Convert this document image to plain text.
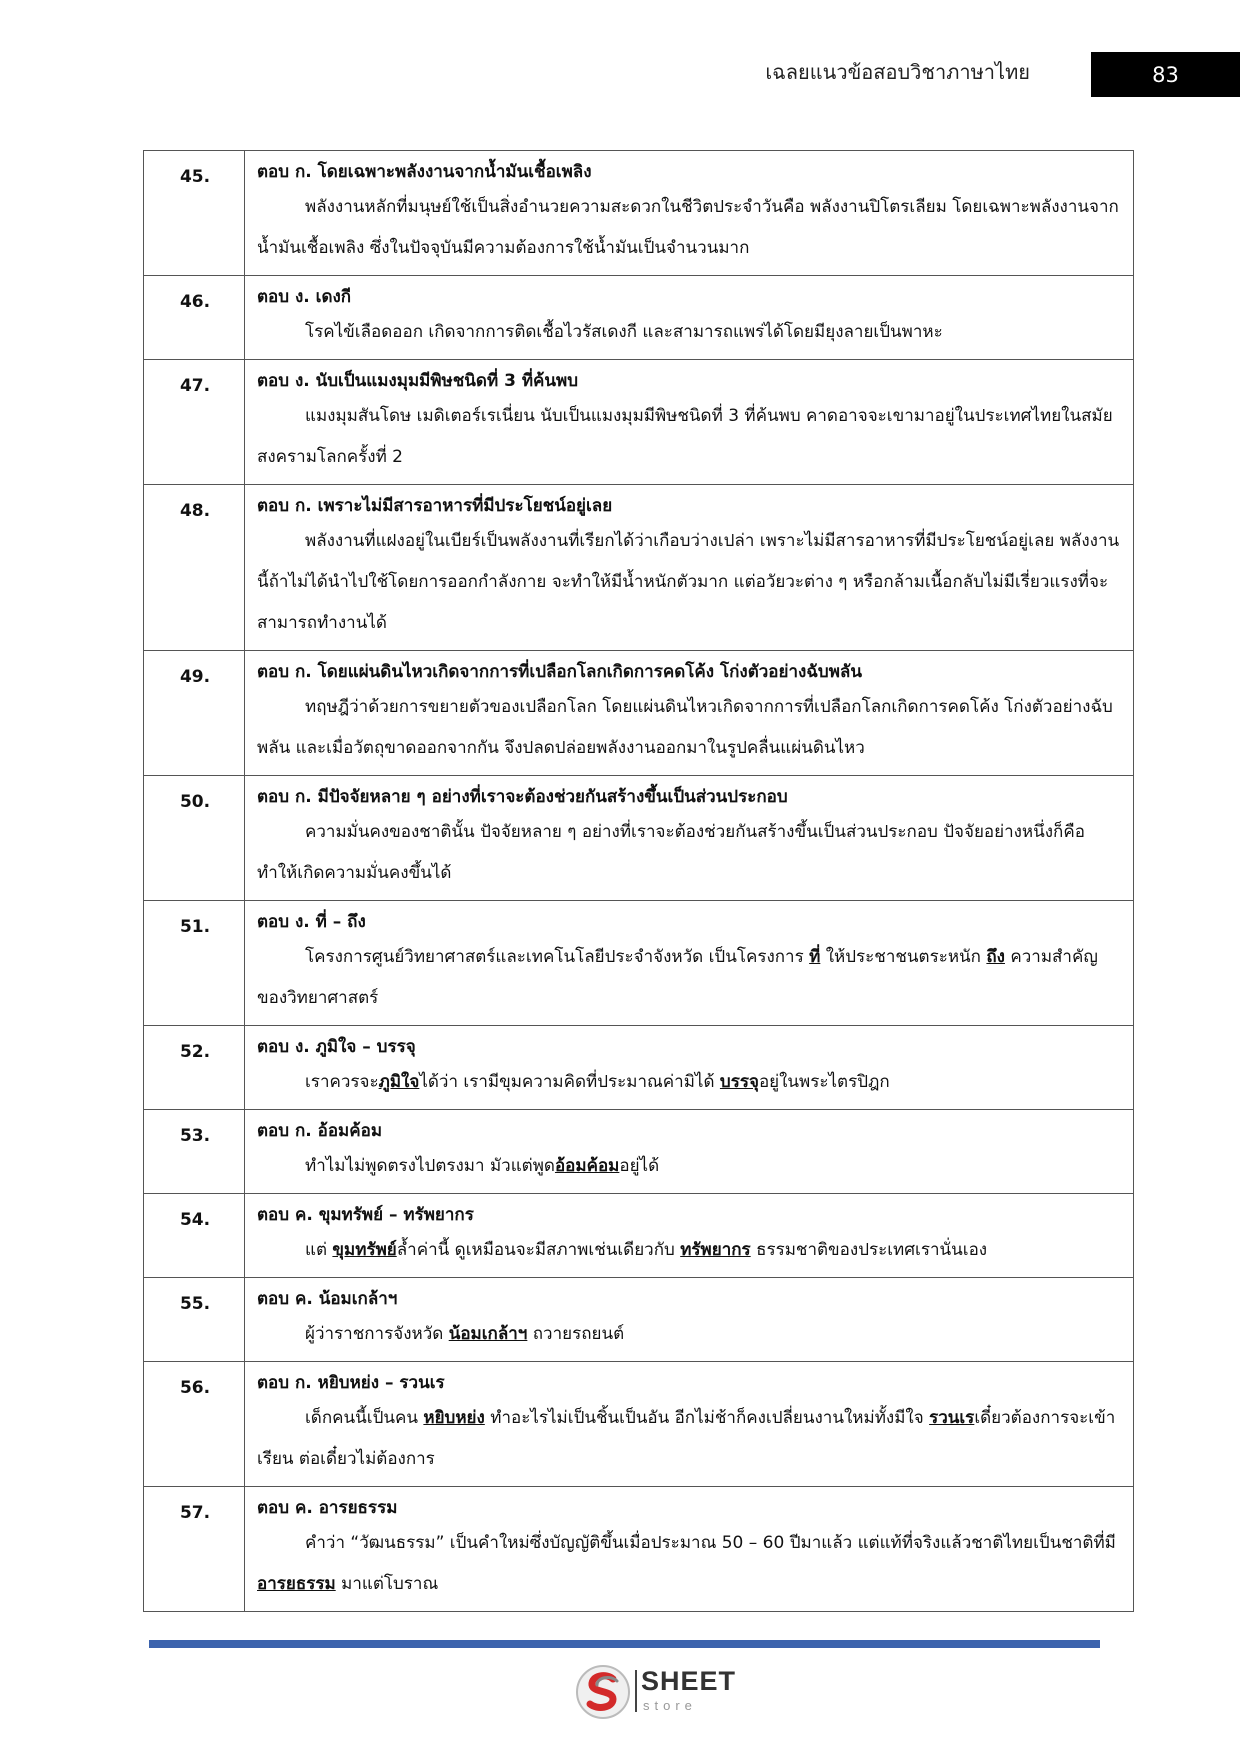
เฉลยแนวข้อสอบวิชาภาษาไทย	83
45.	ตอบ ก. โดยเฉพาะพลังงานจากน้ำมันเชื้อเพลิง
พลังงานหลักที่มนุษย์ใช้เป็นสิ่งอำนวยความสะดวกในชีวิตประจำวันคือ พลังงานปิโตรเลียม โดยเฉพาะพลังงานจากน้ำมันเชื้อเพลิง ซึ่งในปัจจุบันมีความต้องการใช้น้ำมันเป็นจำนวนมาก

46.	ตอบ ง. เดงกี
โรคไข้เลือดออก เกิดจากการติดเชื้อไวรัสเดงกี และสามารถแพร่ได้โดยมียุงลายเป็นพาหะ

47.	ตอบ ง. นับเป็นแมงมุมมีพิษชนิดที่ 3 ที่ค้นพบ
แมงมุมสันโดษ เมดิเตอร์เรเนี่ยน นับเป็นแมงมุมมีพิษชนิดที่ 3 ที่ค้นพบ คาดอาจจะเขามาอยู่ในประเทศไทยในสมัยสงครามโลกครั้งที่ 2

48.	ตอบ ก. เพราะไม่มีสารอาหารที่มีประโยชน์อยู่เลย
พลังงานที่แฝงอยู่ในเบียร์เป็นพลังงานที่เรียกได้ว่าเกือบว่างเปล่า เพราะไม่มีสารอาหารที่มีประโยชน์อยู่เลย พลังงานนี้ถ้าไม่ได้นำไปใช้โดยการออกกำลังกาย จะทำให้มีน้ำหนักตัวมาก แต่อวัยวะต่าง ๆ หรือกล้ามเนื้อกลับไม่มีเรี่ยวแรงที่จะสามารถทำงานได้

49.	ตอบ ก. โดยแผ่นดินไหวเกิดจากการที่เปลือกโลกเกิดการคดโค้ง โก่งตัวอย่างฉับพลัน
ทฤษฎีว่าด้วยการขยายตัวของเปลือกโลก โดยแผ่นดินไหวเกิดจากการที่เปลือกโลกเกิดการคดโค้ง โก่งตัวอย่างฉับพลัน และเมื่อวัตถุขาดออกจากกัน จึงปลดปล่อยพลังงานออกมาในรูปคลื่นแผ่นดินไหว

50.	ตอบ ก. มีปัจจัยหลาย ๆ อย่างที่เราจะต้องช่วยกันสร้างขึ้นเป็นส่วนประกอบ
ความมั่นคงของชาตินั้น ปัจจัยหลาย ๆ อย่างที่เราจะต้องช่วยกันสร้างขึ้นเป็นส่วนประกอบ ปัจจัยอย่างหนึ่งก็คือ ทำให้เกิดความมั่นคงขึ้นได้

51.	ตอบ ง. ที่ – ถึง
โครงการศูนย์วิทยาศาสตร์และเทคโนโลยีประจำจังหวัด เป็นโครงการ ที่ ให้ประชาชนตระหนัก ถึง ความสำคัญของวิทยาศาสตร์

52.	ตอบ ง. ภูมิใจ – บรรจุ
เราควรจะภูมิใจได้ว่า เรามีขุมความคิดที่ประมาณค่ามิได้ บรรจุอยู่ในพระไตรปิฎก

53.	ตอบ ก. อ้อมค้อม
ทำไมไม่พูดตรงไปตรงมา มัวแต่พูดอ้อมค้อมอยู่ได้

54.	ตอบ ค. ขุมทรัพย์ – ทรัพยากร
แต่ ขุมทรัพย์ล้ำค่านี้ ดูเหมือนจะมีสภาพเช่นเดียวกับ ทรัพยากร ธรรมชาติของประเทศเรานั่นเอง

55.	ตอบ ค. น้อมเกล้าฯ
ผู้ว่าราชการจังหวัด น้อมเกล้าฯ ถวายรถยนต์

56.	ตอบ ก. หยิบหย่ง – รวนเร
เด็กคนนี้เป็นคน หยิบหย่ง ทำอะไรไม่เป็นชิ้นเป็นอัน อีกไม่ช้าก็คงเปลี่ยนงานใหม่ทั้งมีใจ รวนเรเดี๋ยวต้องการจะเข้าเรียน ต่อเดี๋ยวไม่ต้องการ

57.	ตอบ ค. อารยธรรม
คำว่า “วัฒนธรรม” เป็นคำใหม่ซึ่งบัญญัติขึ้นเมื่อประมาณ 50 – 60 ปีมาแล้ว แต่แท้ที่จริงแล้วชาติไทยเป็นชาติที่มี อารยธรรม มาแต่โบราณ
SHEET
store
